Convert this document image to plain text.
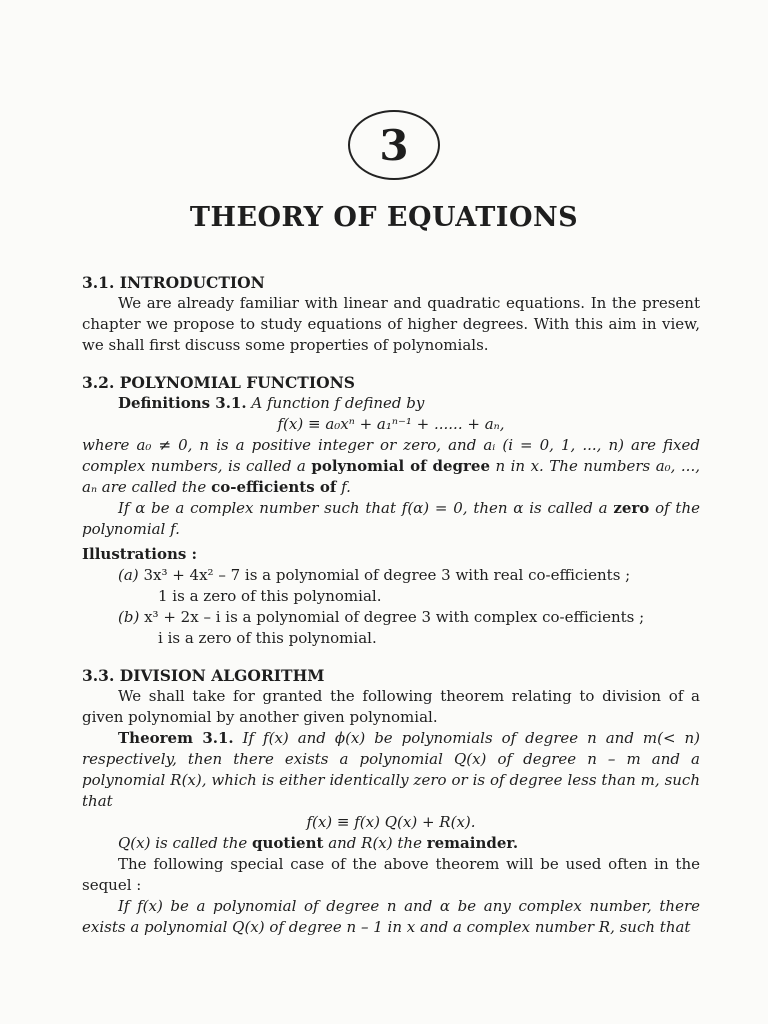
3
THEORY OF EQUATIONS
3.1. INTRODUCTION

We are already familiar with linear and quadratic equations. In the present chapter we propose to study equations of higher degrees. With this aim in view, we shall first discuss some properties of polynomials.

3.2. POLYNOMIAL FUNCTIONS

Definitions 3.1. A function f defined by

f(x) ≡ a₀xⁿ + a₁ⁿ⁻¹ + ...... + aₙ,

where a₀ ≠ 0, n is a positive integer or zero, and aᵢ (i = 0, 1, ..., n) are fixed complex numbers, is called a polynomial of degree n in x. The numbers a₀, ..., aₙ are called the co-efficients of f.

If α be a complex number such that f(α) = 0, then α is called a zero of the polynomial f.

Illustrations :
(a) 3x³ + 4x² – 7 is a polynomial of degree 3 with real co-efficients ;
1 is a zero of this polynomial.
(b) x³ + 2x – i is a polynomial of degree 3 with complex co-efficients ;
i is a zero of this polynomial.
3.3. DIVISION ALGORITHM

We shall take for granted the following theorem relating to division of a given polynomial by another given polynomial.

Theorem 3.1. If f(x) and ϕ(x) be polynomials of degree n and m(< n) respectively, then there exists a polynomial Q(x) of degree n – m and a polynomial R(x), which is either identically zero or is of degree less than m, such that

f(x) ≡ f(x) Q(x) + R(x).

Q(x) is called the quotient and R(x) the remainder.

The following special case of the above theorem will be used often in the sequel :

If f(x) be a polynomial of degree n and α be any complex number, there exists a polynomial Q(x) of degree n – 1 in x and a complex number R, such that
